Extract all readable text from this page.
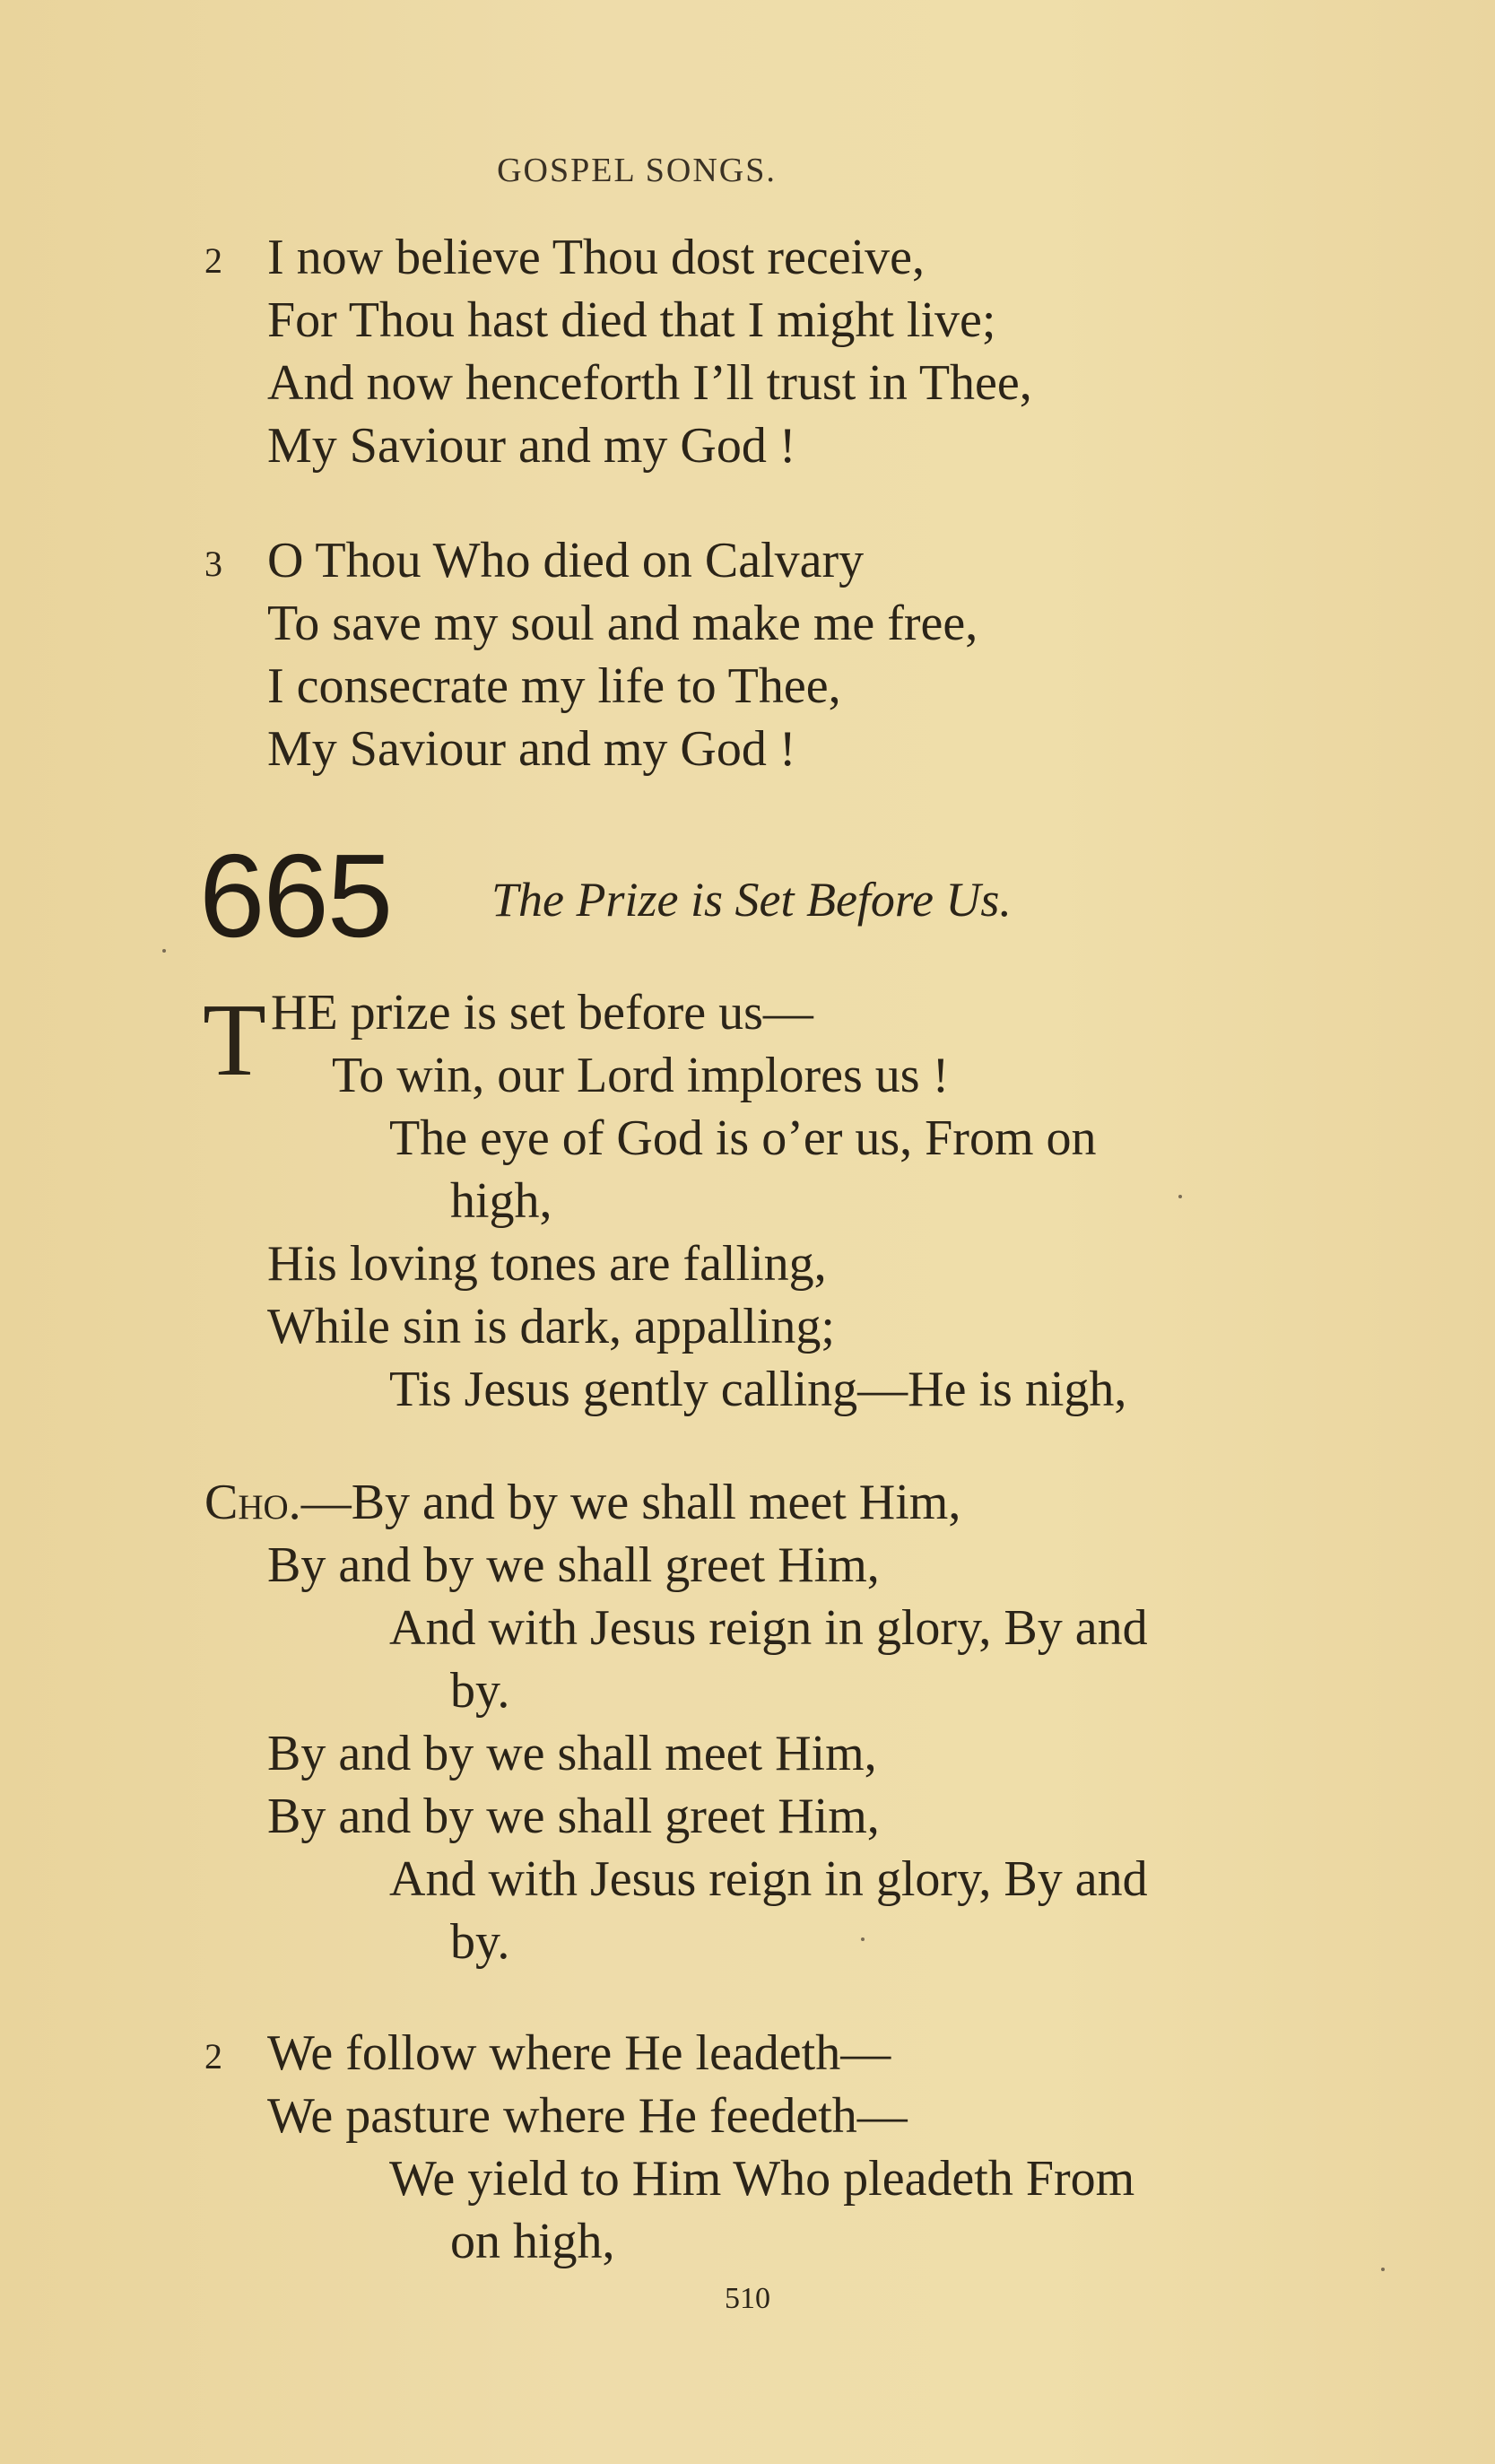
GOSPEL SONGS.
2 I now believe Thou dost receive,
For Thou hast died that I might live;
And now henceforth I’ll trust in Thee,
My Saviour and my God !
3 O Thou Who died on Calvary
To save my soul and make me free,
I consecrate my life to Thee,
My Saviour and my God !
665 The Prize is Set Before Us.
T HE prize is set before us—
To win, our Lord implores us !
The eye of God is o’er us, From on
high,
His loving tones are falling,
While sin is dark, appalling;
Tis Jesus gently calling—He is nigh,
Cho.—By and by we shall meet Him,
By and by we shall greet Him,
And with Jesus reign in glory, By and
by.
By and by we shall meet Him,
By and by we shall greet Him,
And with Jesus reign in glory, By and
by.
2 We follow where He leadeth—
We pasture where He feedeth—
We yield to Him Who pleadeth From
on high,
510
